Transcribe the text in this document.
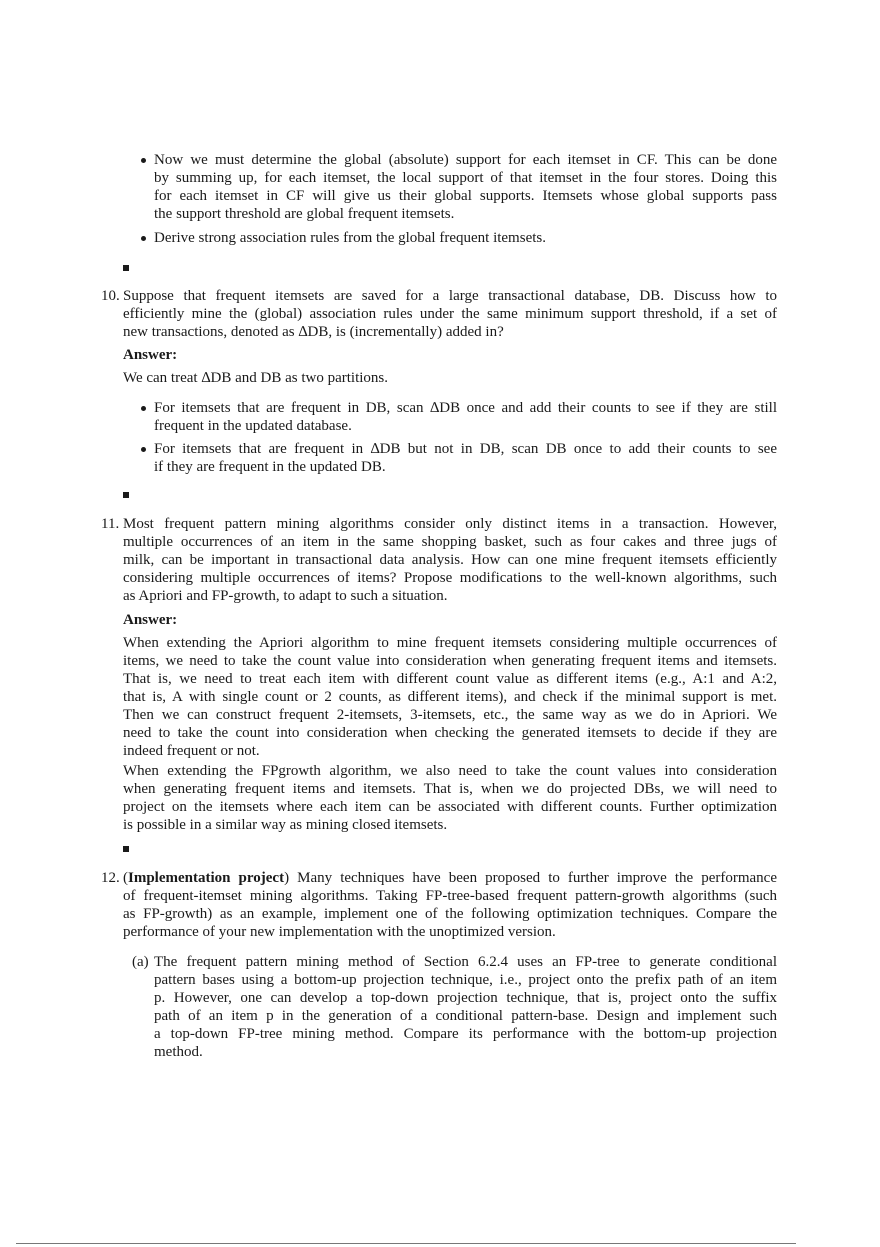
Now we must determine the global (absolute) support for each itemset in CF. This can be done
by summing up, for each itemset, the local support of that itemset in the four stores. Doing this
for each itemset in CF will give us their global supports. Itemsets whose global supports pass
the support threshold are global frequent itemsets.
Derive strong association rules from the global frequent itemsets.
10. Suppose that frequent itemsets are saved for a large transactional database, DB. Discuss how to
efficiently mine the (global) association rules under the same minimum support threshold, if a set of
new transactions, denoted as ∆DB, is (incrementally) added in?
Answer:
We can treat ∆DB and DB as two partitions.
For itemsets that are frequent in DB, scan ∆DB once and add their counts to see if they are still
frequent in the updated database.
For itemsets that are frequent in ∆DB but not in DB, scan DB once to add their counts to see
if they are frequent in the updated DB.
11. Most frequent pattern mining algorithms consider only distinct items in a transaction. However,
multiple occurrences of an item in the same shopping basket, such as four cakes and three jugs of
milk, can be important in transactional data analysis. How can one mine frequent itemsets efficiently
considering multiple occurrences of items? Propose modifications to the well-known algorithms, such
as Apriori and FP-growth, to adapt to such a situation.
Answer:
When extending the Apriori algorithm to mine frequent itemsets considering multiple occurrences of
items, we need to take the count value into consideration when generating frequent items and itemsets.
That is, we need to treat each item with different count value as different items (e.g., A:1 and A:2,
that is, A with single count or 2 counts, as different items), and check if the minimal support is met.
Then we can construct frequent 2-itemsets, 3-itemsets, etc., the same way as we do in Apriori. We
need to take the count into consideration when checking the generated itemsets to decide if they are
indeed frequent or not.
When extending the FPgrowth algorithm, we also need to take the count values into consideration
when generating frequent items and itemsets. That is, when we do projected DBs, we will need to
project on the itemsets where each item can be associated with different counts. Further optimization
is possible in a similar way as mining closed itemsets.
12. (Implementation project) Many techniques have been proposed to further improve the performance
of frequent-itemset mining algorithms. Taking FP-tree-based frequent pattern-growth algorithms (such
as FP-growth) as an example, implement one of the following optimization techniques. Compare the
performance of your new implementation with the unoptimized version.
(a) The frequent pattern mining method of Section 6.2.4 uses an FP-tree to generate conditional
pattern bases using a bottom-up projection technique, i.e., project onto the prefix path of an item
p. However, one can develop a top-down projection technique, that is, project onto the suffix
path of an item p in the generation of a conditional pattern-base. Design and implement such
a top-down FP-tree mining method. Compare its performance with the bottom-up projection
method.
